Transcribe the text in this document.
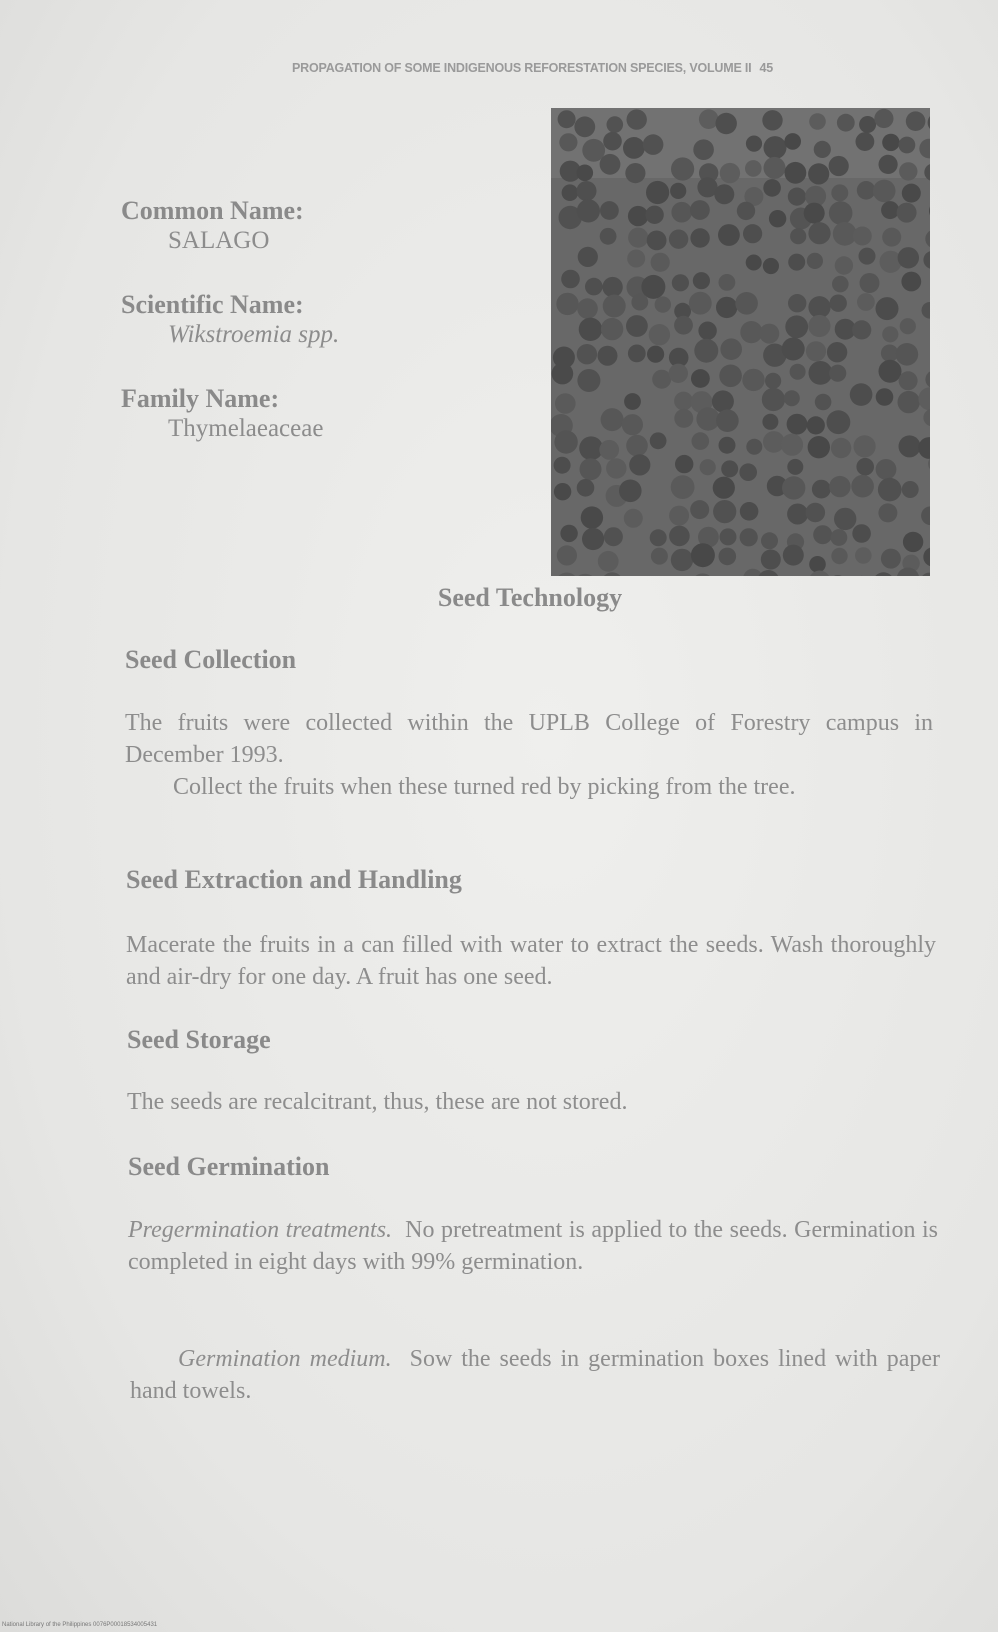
PROPAGATION OF SOME INDIGENOUS REFORESTATION SPECIES, VOLUME II 45
Common Name:
SALAGO
Scientific Name:
Wikstroemia spp.
Family Name:
Thymelaeaceae
Seed Technology
Seed Collection
The fruits were collected within the UPLB College of Forestry campus in December 1993.
Collect the fruits when these turned red by picking from the tree.
Seed Extraction and Handling
Macerate the fruits in a can filled with water to extract the seeds. Wash thoroughly and air-dry for one day. A fruit has one seed.
Seed Storage
The seeds are recalcitrant, thus, these are not stored.
Seed Germination
Pregermination treatments. No pretreatment is applied to the seeds. Germination is completed in eight days with 99% germination.
Germination medium. Sow the seeds in germination boxes lined with paper hand towels.
National Library of the Philippines 0076P00018534005431
